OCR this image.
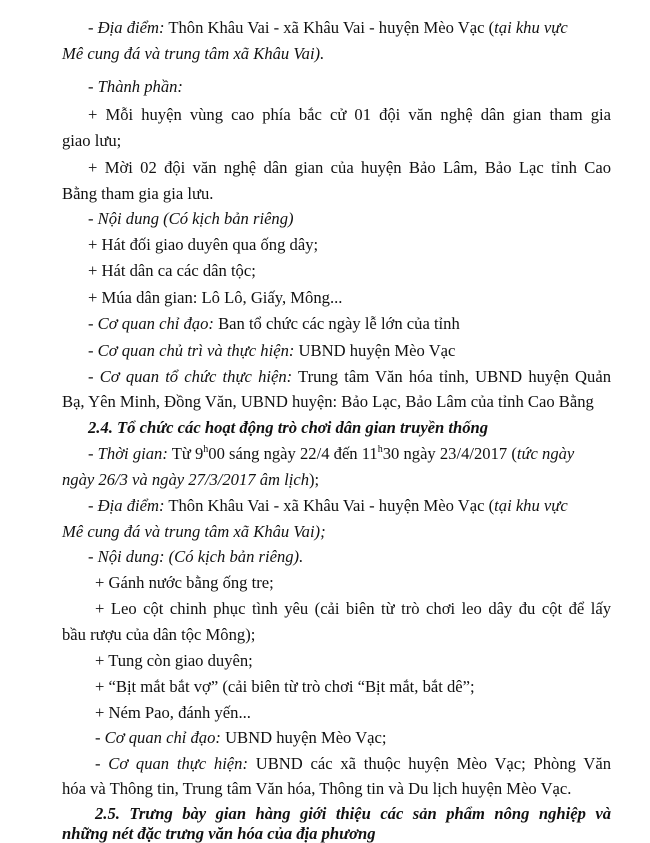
- Địa điểm: Thôn Khâu Vai - xã Khâu Vai - huyện Mèo Vạc (tại khu vực
Mê cung đá và trung tâm xã Khâu Vai).
- Thành phần:
+ Mỗi huyện vùng cao phía bắc cử 01 đội văn nghệ dân gian tham gia
giao lưu;
+ Mời 02 đội văn nghệ dân gian của huyện Bảo Lâm, Bảo Lạc tỉnh Cao
Bằng tham gia gia lưu.
- Nội dung (Có kịch bản riêng)
+ Hát đối giao duyên qua ống dây;
+ Hát dân ca các dân tộc;
+ Múa dân gian: Lô Lô, Giấy, Mông...
- Cơ quan chỉ đạo: Ban tổ chức các ngày lễ lớn của tỉnh
- Cơ quan chủ trì và thực hiện: UBND huyện Mèo Vạc
- Cơ quan tổ chức thực hiện: Trung tâm Văn hóa tỉnh, UBND huyện Quản
Bạ, Yên Minh, Đồng Văn, UBND huyện: Bảo Lạc, Bảo Lâm của tỉnh Cao Bằng
2.4. Tổ chức các hoạt động trò chơi dân gian truyền thống
- Thời gian: Từ 9$^h$00 sáng ngày 22/4 đến 11$^h$30 ngày 23/4/2017 (tức ngày
ngày 26/3 và ngày 27/3/2017 âm lịch);
- Địa điểm: Thôn Khâu Vai - xã Khâu Vai - huyện Mèo Vạc (tại khu vực
Mê cung đá và trung tâm xã Khâu Vai);
- Nội dung: (Có kịch bản riêng).
+ Gánh nước bằng ống tre;
+ Leo cột chinh phục tình yêu (cải biên từ trò chơi leo dây đu cột để lấy
bầu rượu của dân tộc Mông);
+ Tung còn giao duyên;
+ “Bịt mắt bắt vợ” (cải biên từ trò chơi “Bịt mắt, bắt dê”;
+ Ném Pao, đánh yến...
- Cơ quan chỉ đạo: UBND huyện Mèo Vạc;
- Cơ quan thực hiện: UBND các xã thuộc huyện Mèo Vạc; Phòng Văn
hóa và Thông tin, Trung tâm Văn hóa, Thông tin và Du lịch huyện Mèo Vạc.
2.5. Trưng bày gian hàng giới thiệu các sản phẩm nông nghiệp và
những nét đặc trưng văn hóa của địa phương
